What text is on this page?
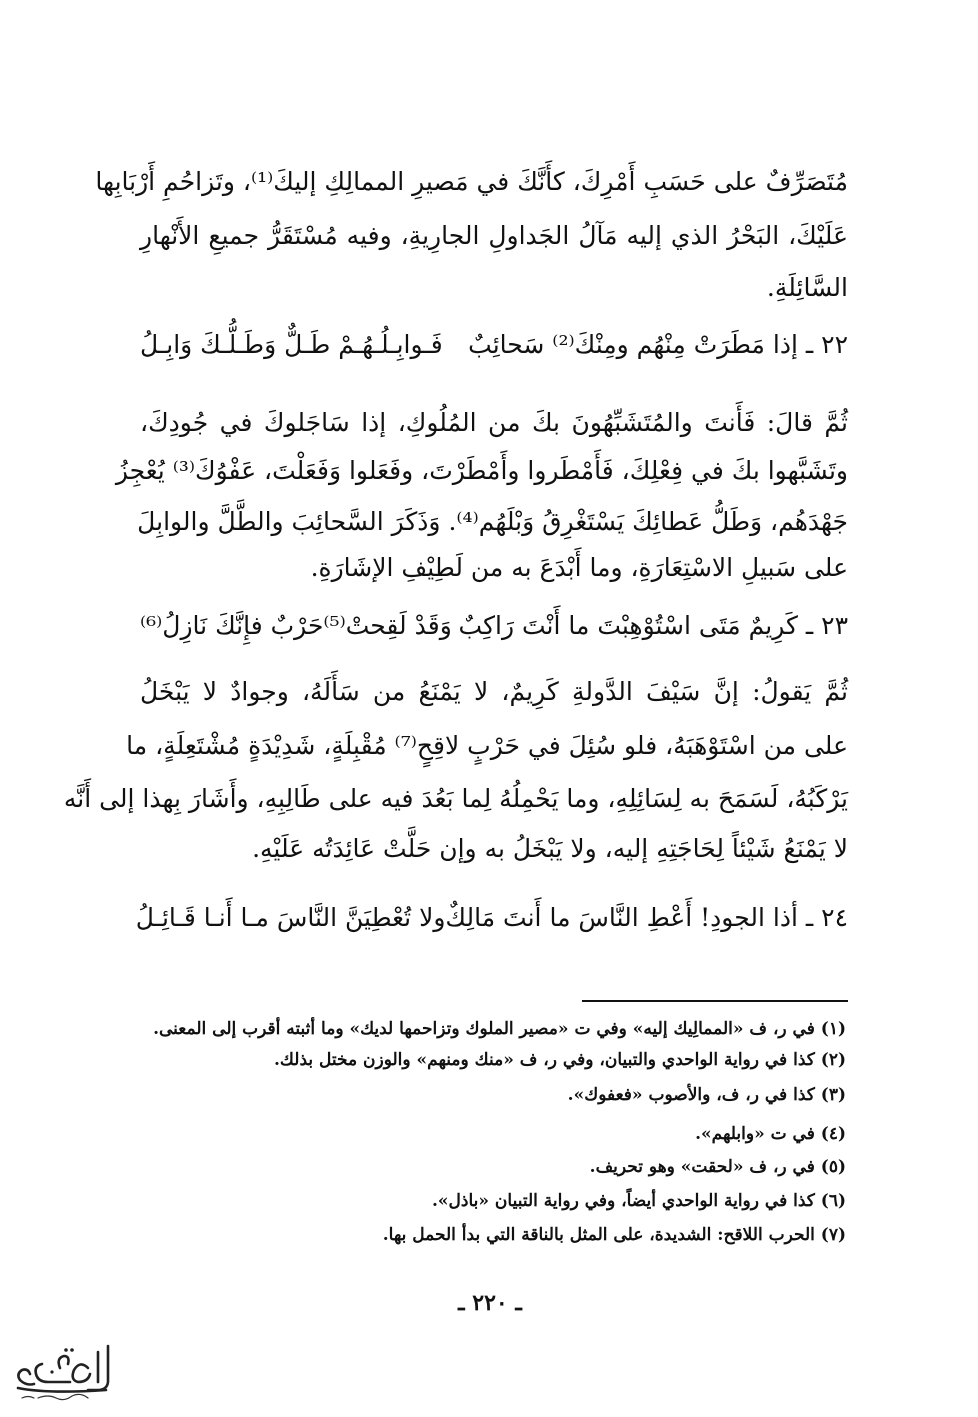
مُتَصَرِّفٌ على حَسَبِ أَمْرِكَ، كأَنَّكَ في مَصيرِ الممالِكِ إليكَ⁽¹⁾، وتَزاحُمِ أَرْبَابِها
عَلَيْكَ، البَحْرُ الذي إليه مَآلُ الجَداولِ الجارِيةِ، وفيه مُسْتَقَرُّ جميعِ الأَنْهارِ
السَّائِلَةِ.
٢٢ ـ إذا مَطَرَتْ مِنْهُم ومِنْكَ⁽²⁾ سَحائِبٌ
فَـوابِـلُـهُـمْ طَـلٌّ وَطَـلُّـكَ وَابِـلُ
ثُمَّ قالَ: فَأَنتَ والمُتَشَبِّهُونَ بكَ من المُلُوكِ، إذا سَاجَلوكَ في جُودِكَ،
وتَشَبَّهوا بكَ في فِعْلِكَ، فَأَمْطَروا وأَمْطَرْتَ، وفَعَلوا وَفَعَلْتَ، عَفْوُكَ⁽³⁾ يُعْجِزُ
جَهْدَهُم، وَطَلُّ عَطائِكَ يَسْتَغْرِقُ وَبْلَهُم⁽⁴⁾. وَذَكَرَ السَّحائِبَ والطَّلَّ والوابِلَ
على سَبيلِ الاسْتِعَارَةِ، وما أَبْدَعَ به من لَطِيْفِ الإشَارَةِ.
٢٣ ـ كَرِيمٌ مَتَى اسْتُوْهِبْتَ ما أَنْتَ رَاكِبٌ
وَقَدْ لَقِحتْ⁽⁵⁾حَرْبٌ فإِنَّكَ نَازِلُ⁽⁶⁾
ثُمَّ يَقولُ: إنَّ سَيْفَ الدَّولةِ كَرِيمٌ، لا يَمْنَعُ من سَأَلَهُ، وجوادٌ لا يَبْخَلُ
على من اسْتَوْهَبَهُ، فلو سُئِلَ في حَرْبٍ لاقِحٍ⁽⁷⁾ مُقْبِلَةٍ، شَدِيْدَةٍ مُشْتَعِلَةٍ، ما
يَرْكَبُهُ، لَسَمَحَ به لِسَائِلِهِ، وما يَحْمِلُهُ لِما بَعُدَ فيه على طَالِبِهِ، وأَشَارَ بِهذا إلى أَنَّه
لا يَمْنَعُ شَيْئاً لِحَاجَتِهِ إليه، ولا يَبْخَلُ به وإن حَلَّتْ عَائِدَتُه عَلَيْهِ.
٢٤ ـ أذا الجودِ! أَعْطِ النَّاسَ ما أَنتَ مَالِكٌ
ولا تُعْطِيَنَّ النَّاسَ مـا أَنـا قَـائِـلُ
(١) في ر، ف «الممالِيك إليه» وفي ت «مصير الملوك وتزاحمها لديك» وما أثبته أقرب إلى المعنى.
(٢) كذا في رواية الواحدي والتبيان، وفي ر، ف «منك ومنهم» والوزن مختل بذلك.
(٣) كذا في ر، ف، والأصوب «فعفوك».
(٤) في ت «وابلهم».
(٥) في ر، ف «لحقت» وهو تحريف.
(٦) كذا في رواية الواحدي أيضاً، وفي رواية التبيان «باذل».
(٧) الحرب اللاقح: الشديدة، على المثل بالناقة التي بدأ الحمل بها.
ـ ٢٢٠ ـ
